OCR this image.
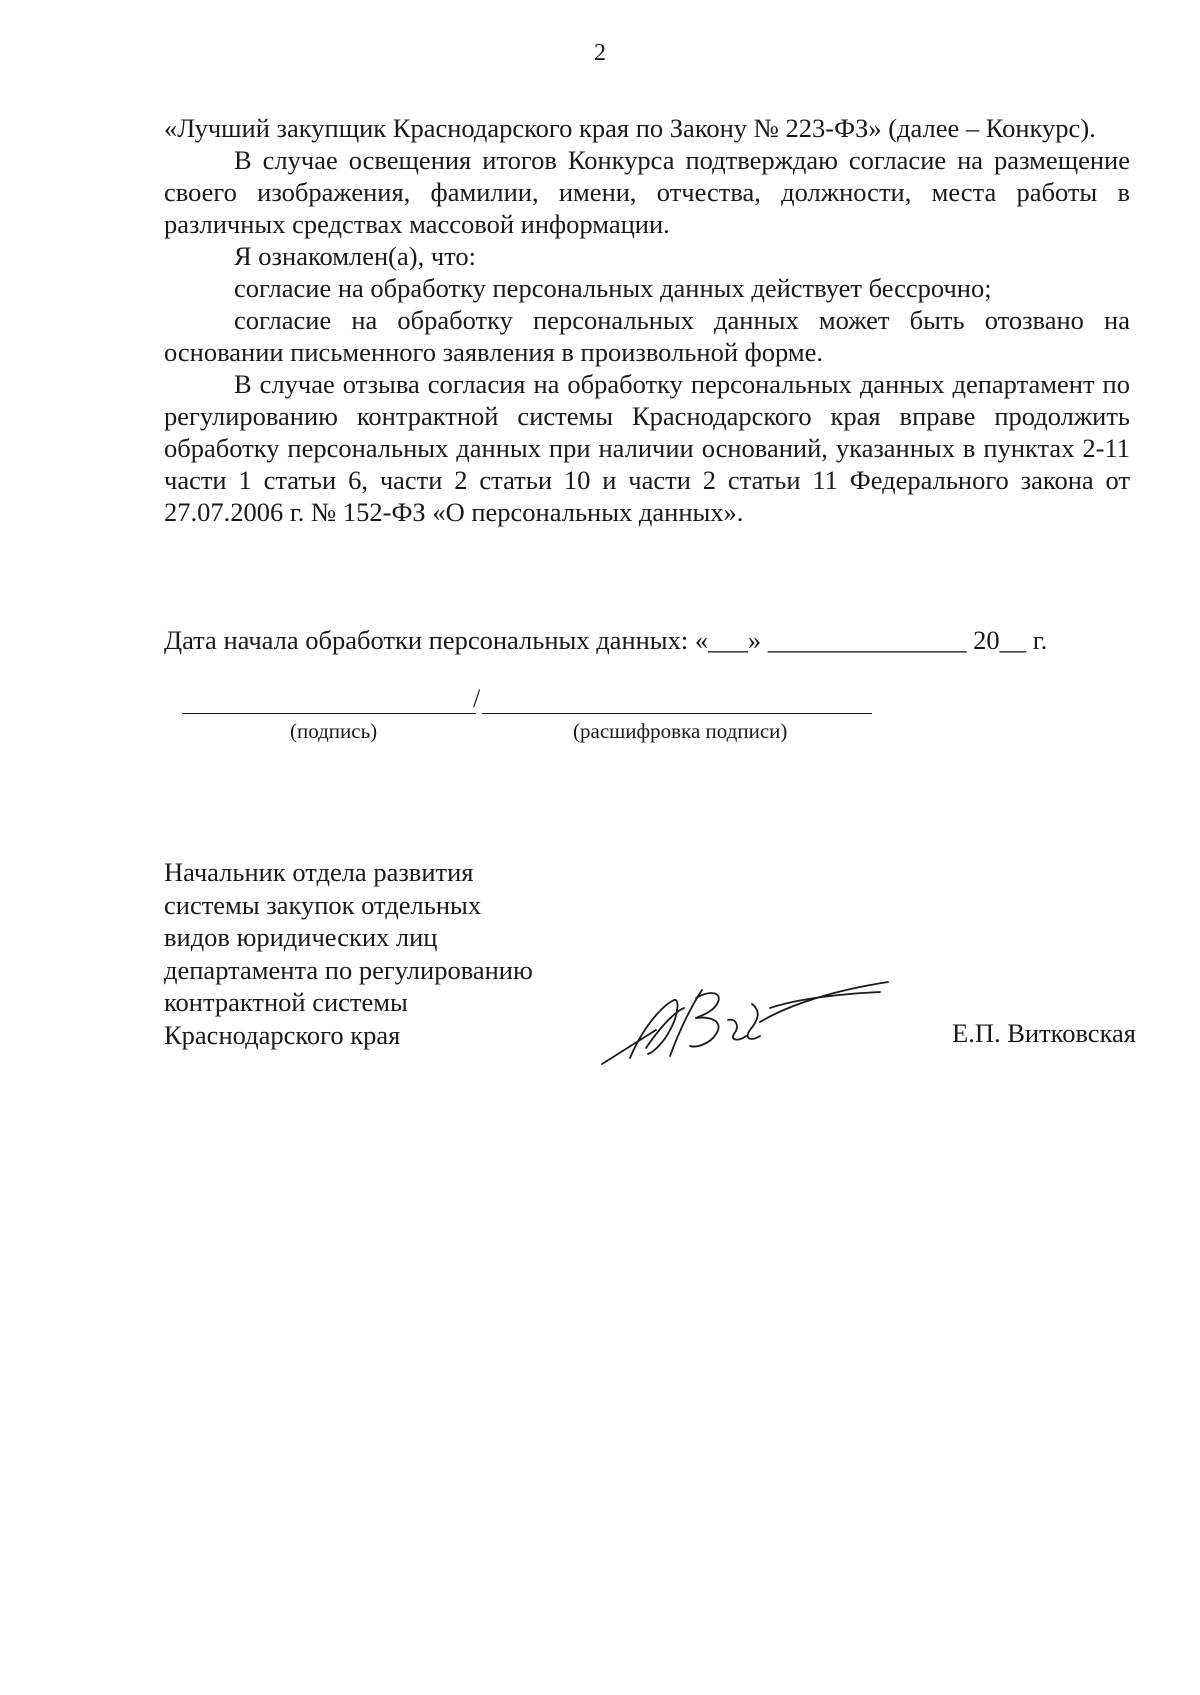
2

«Лучший закупщик Краснодарского края по Закону № 223-ФЗ» (далее – Конкурс).

В случае освещения итогов Конкурса подтверждаю согласие на размещение своего изображения, фамилии, имени, отчества, должности, места работы в различных средствах массовой информации.

Я ознакомлен(а), что:

согласие на обработку персональных данных действует бессрочно;

согласие на обработку персональных данных может быть отозвано на основании письменного заявления в произвольной форме.

В случае отзыва согласия на обработку персональных данных департамент по регулированию контрактной системы Краснодарского края вправе продолжить обработку персональных данных при наличии оснований, указанных в пунктах 2-11 части 1 статьи 6, части 2 статьи 10 и части 2 статьи 11 Федерального закона от 27.07.2006 г. № 152-ФЗ «О персональных данных».

Дата начала обработки персональных данных: «___» _______________ 20__ г.
/
(подпись)	(расшифровка подписи)
Начальник отдела развития
системы закупок отдельных
видов юридических лиц
департамента по регулированию
контрактной системы
Краснодарского края	Е.П. Витковская
